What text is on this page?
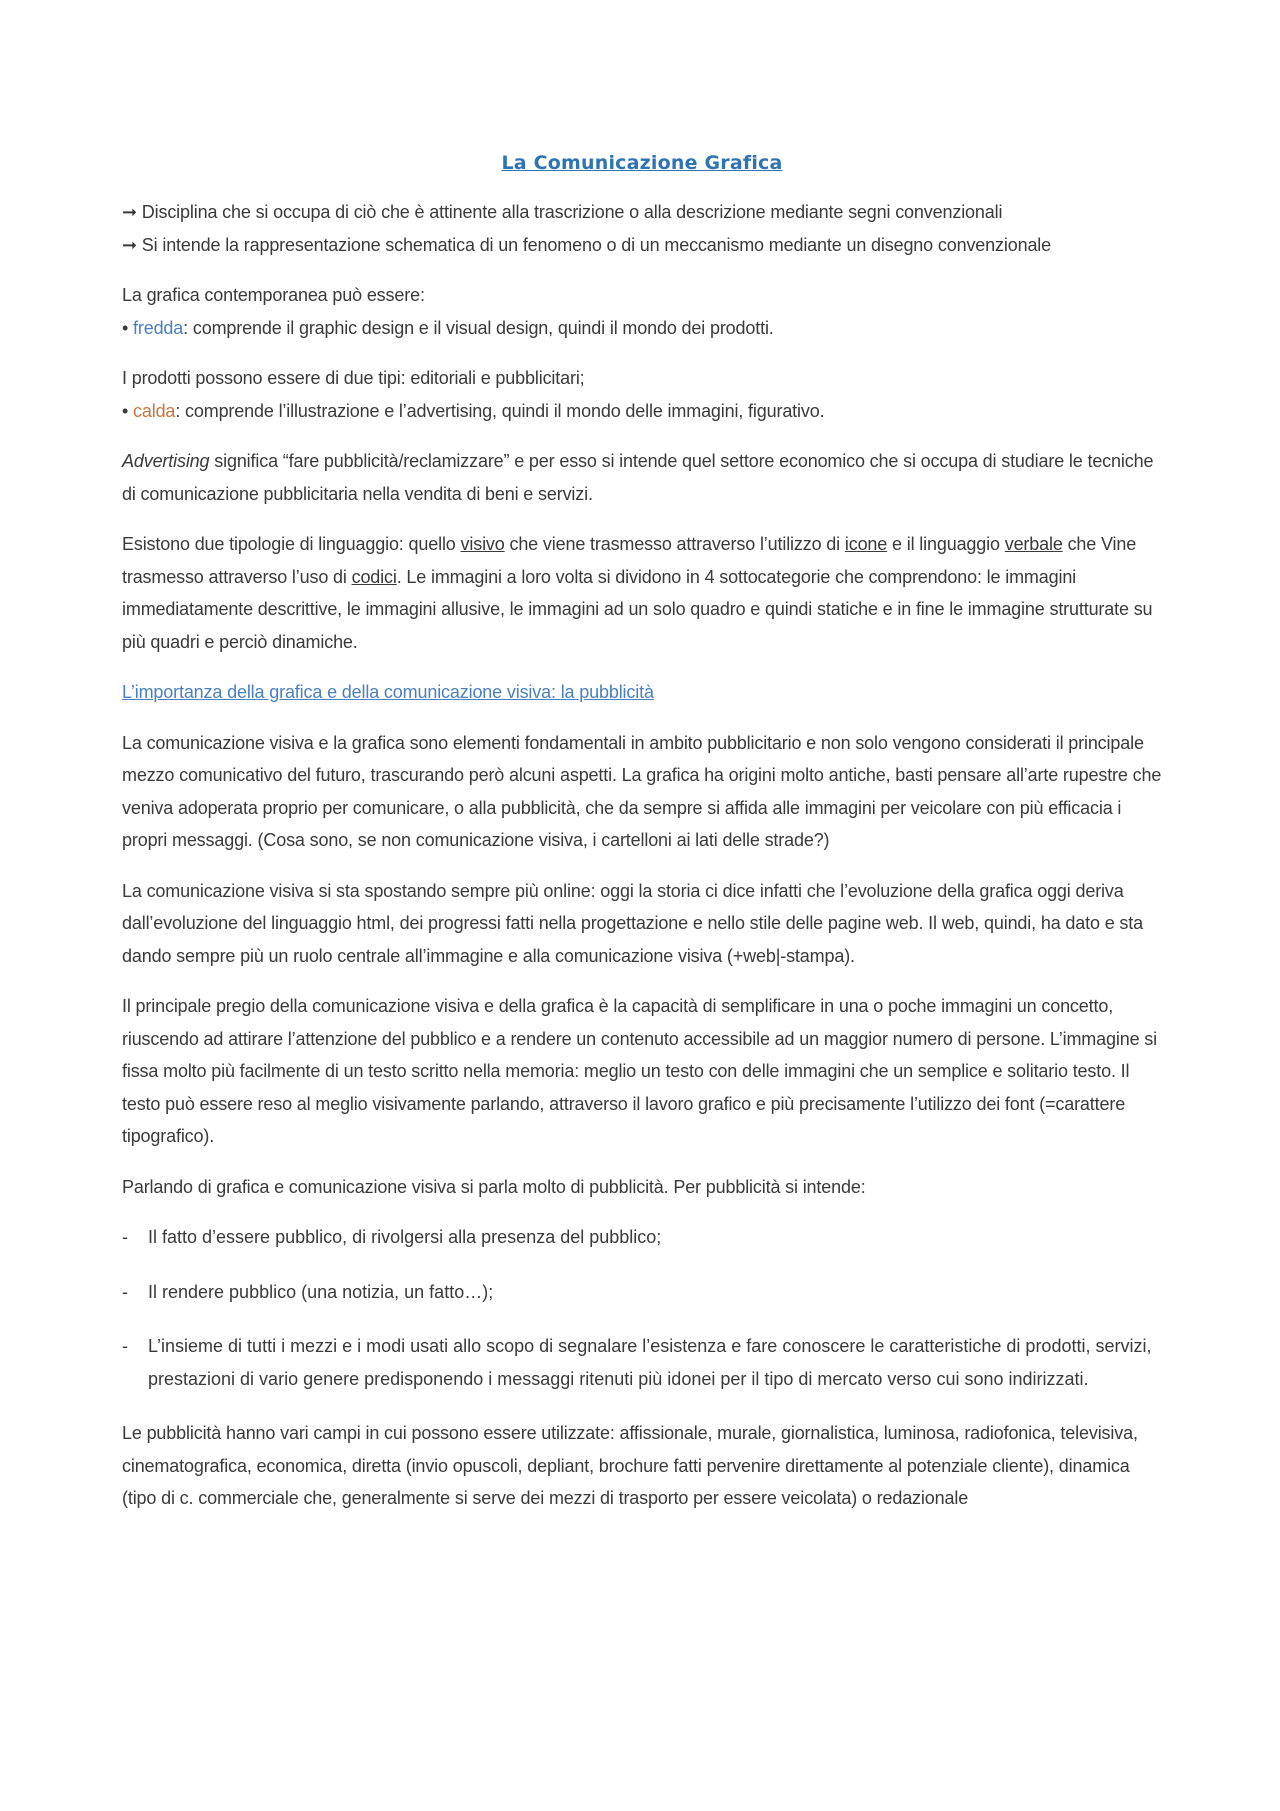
La Comunicazione Grafica
➞ Disciplina che si occupa di ciò che è attinente alla trascrizione o alla descrizione mediante segni convenzionali
➞ Si intende la rappresentazione schematica di un fenomeno o di un meccanismo mediante un disegno convenzionale

La grafica contemporanea può essere:

• fredda: comprende il graphic design e il visual design, quindi il mondo dei prodotti.

I prodotti possono essere di due tipi: editoriali e pubblicitari;

• calda: comprende l’illustrazione e l’advertising, quindi il mondo delle immagini, figurativo.

Advertising significa “fare pubblicità/reclamizzare” e per esso si intende quel settore economico che si occupa di studiare le tecniche di comunicazione pubblicitaria nella vendita di beni e servizi.

Esistono due tipologie di linguaggio: quello visivo che viene trasmesso attraverso l’utilizzo di icone e il linguaggio verbale che Vine trasmesso attraverso l’uso di codici. Le immagini a loro volta si dividono in 4 sottocategorie che comprendono: le immagini immediatamente descrittive, le immagini allusive, le immagini ad un solo quadro e quindi statiche e in fine le immagine strutturate su più quadri e perciò dinamiche.

L’importanza della grafica e della comunicazione visiva: la pubblicità

La comunicazione visiva e la grafica sono elementi fondamentali in ambito pubblicitario e non solo vengono considerati il principale mezzo comunicativo del futuro, trascurando però alcuni aspetti. La grafica ha origini molto antiche, basti pensare all’arte rupestre che veniva adoperata proprio per comunicare, o alla pubblicità, che da sempre si affida alle immagini per veicolare con più efficacia i propri messaggi. (Cosa sono, se non comunicazione visiva, i cartelloni ai lati delle strade?)

La comunicazione visiva si sta spostando sempre più online: oggi la storia ci dice infatti che l’evoluzione della grafica oggi deriva dall’evoluzione del linguaggio html, dei progressi fatti nella progettazione e nello stile delle pagine web. Il web, quindi, ha dato e sta dando sempre più un ruolo centrale all’immagine e alla comunicazione visiva (+web|-stampa).

Il principale pregio della comunicazione visiva e della grafica è la capacità di semplificare in una o poche immagini un concetto, riuscendo ad attirare l’attenzione del pubblico e a rendere un contenuto accessibile ad un maggior numero di persone. L’immagine si fissa molto più facilmente di un testo scritto nella memoria: meglio un testo con delle immagini che un semplice e solitario testo. Il testo può essere reso al meglio visivamente parlando, attraverso il lavoro grafico e più precisamente l’utilizzo dei font (=carattere tipografico).

Parlando di grafica e comunicazione visiva si parla molto di pubblicità. Per pubblicità si intende:

- Il fatto d’essere pubblico, di rivolgersi alla presenza del pubblico;
- Il rendere pubblico (una notizia, un fatto…);
- L’insieme di tutti i mezzi e i modi usati allo scopo di segnalare l’esistenza e fare conoscere le caratteristiche di prodotti, servizi, prestazioni di vario genere predisponendo i messaggi ritenuti più idonei per il tipo di mercato verso cui sono indirizzati.

Le pubblicità hanno vari campi in cui possono essere utilizzate: affissionale, murale, giornalistica, luminosa, radiofonica, televisiva, cinematografica, economica, diretta (invio opuscoli, depliant, brochure fatti pervenire direttamente al potenziale cliente), dinamica (tipo di c. commerciale che, generalmente si serve dei mezzi di trasporto per essere veicolata) o redazionale
